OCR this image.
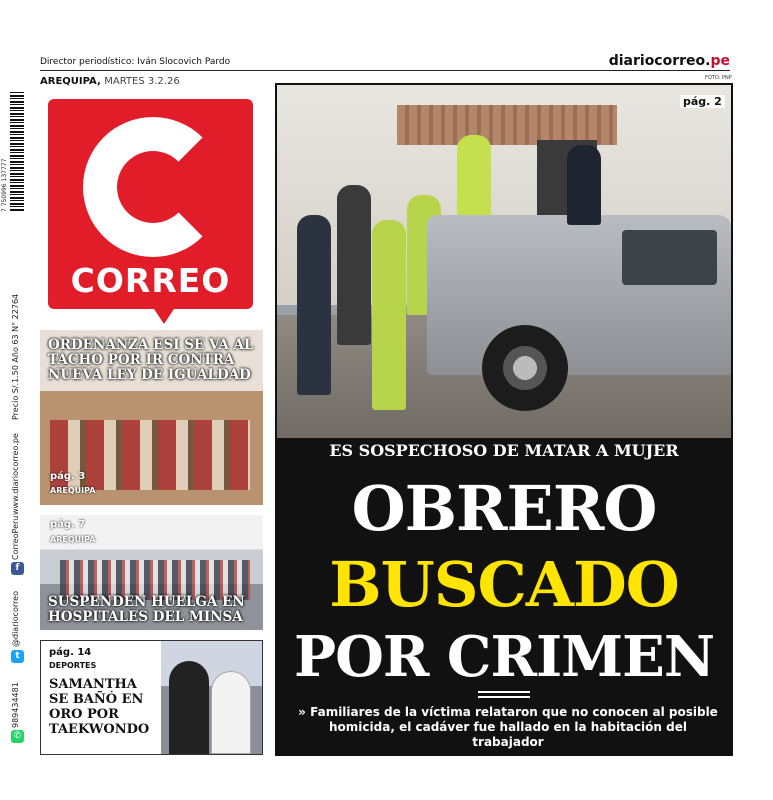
Director periodístico: Iván Slocovich Pardo	diariocorreo.pe
AREQUIPA, MARTES 3.2.26	FOTO: PNP
7 750996 137777
Precio S/.1.50 Año 63 N° 22764
www.diariocorreo.pe
f
CorreoPeru
t
@diariocorreo
✆
989434481
CORREO
ORDENANZA ESI SE VA AL TACHO POR IR CONTRA NUEVA LEY DE IGUALDAD
pág. 3
AREQUIPA
pág. 7
AREQUIPA
SUSPENDEN HUELGA EN HOSPITALES DEL MINSA
pág. 14
DEPORTES
SAMANTHA SE BAÑÓ EN ORO POR TAEKWONDO
pág. 2
ES SOSPECHOSO DE MATAR A MUJER
OBRERO
BUSCADO
POR CRIMEN
» Familiares de la víctima relataron que no conocen al posible homicida, el cadáver fue hallado en la habitación del trabajador
